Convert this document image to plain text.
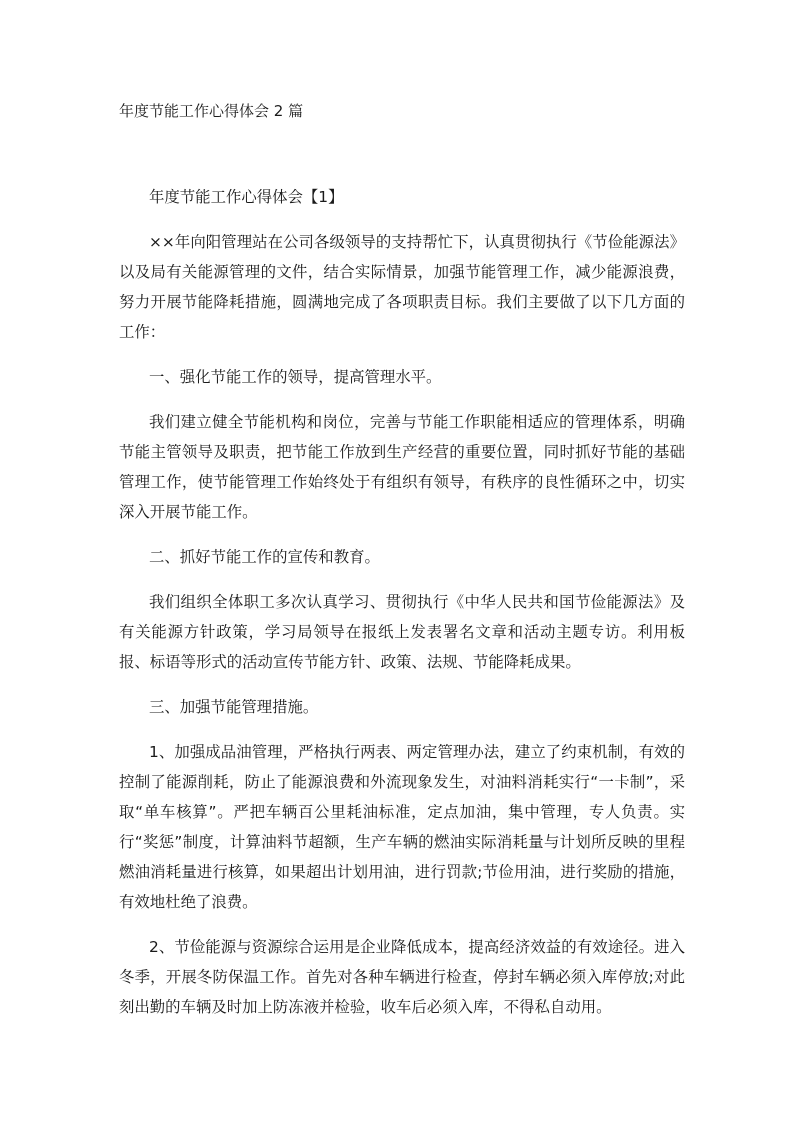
年度节能工作心得体会 2 篇

年度节能工作心得体会【1】

××年向阳管理站在公司各级领导的支持帮忙下，认真贯彻执行《节俭能源法》以及局有关能源管理的文件，结合实际情景，加强节能管理工作，减少能源浪费，努力开展节能降耗措施，圆满地完成了各项职责目标。我们主要做了以下几方面的工作：

一、强化节能工作的领导，提高管理水平。

我们建立健全节能机构和岗位，完善与节能工作职能相适应的管理体系，明确节能主管领导及职责，把节能工作放到生产经营的重要位置，同时抓好节能的基础管理工作，使节能管理工作始终处于有组织有领导，有秩序的良性循环之中，切实深入开展节能工作。

二、抓好节能工作的宣传和教育。

我们组织全体职工多次认真学习、贯彻执行《中华人民共和国节俭能源法》及有关能源方针政策，学习局领导在报纸上发表署名文章和活动主题专访。利用板报、标语等形式的活动宣传节能方针、政策、法规、节能降耗成果。

三、加强节能管理措施。

1、加强成品油管理，严格执行两表、两定管理办法，建立了约束机制，有效的控制了能源削耗，防止了能源浪费和外流现象发生，对油料消耗实行“一卡制”，采取“单车核算”。严把车辆百公里耗油标准，定点加油，集中管理，专人负责。实行“奖惩”制度，计算油料节超额，生产车辆的燃油实际消耗量与计划所反映的里程燃油消耗量进行核算，如果超出计划用油，进行罚款;节俭用油，进行奖励的措施，有效地杜绝了浪费。

2、节俭能源与资源综合运用是企业降低成本，提高经济效益的有效途径。进入冬季，开展冬防保温工作。首先对各种车辆进行检查，停封车辆必须入库停放;对此刻出勤的车辆及时加上防冻液并检验，收车后必须入库，不得私自动用。
